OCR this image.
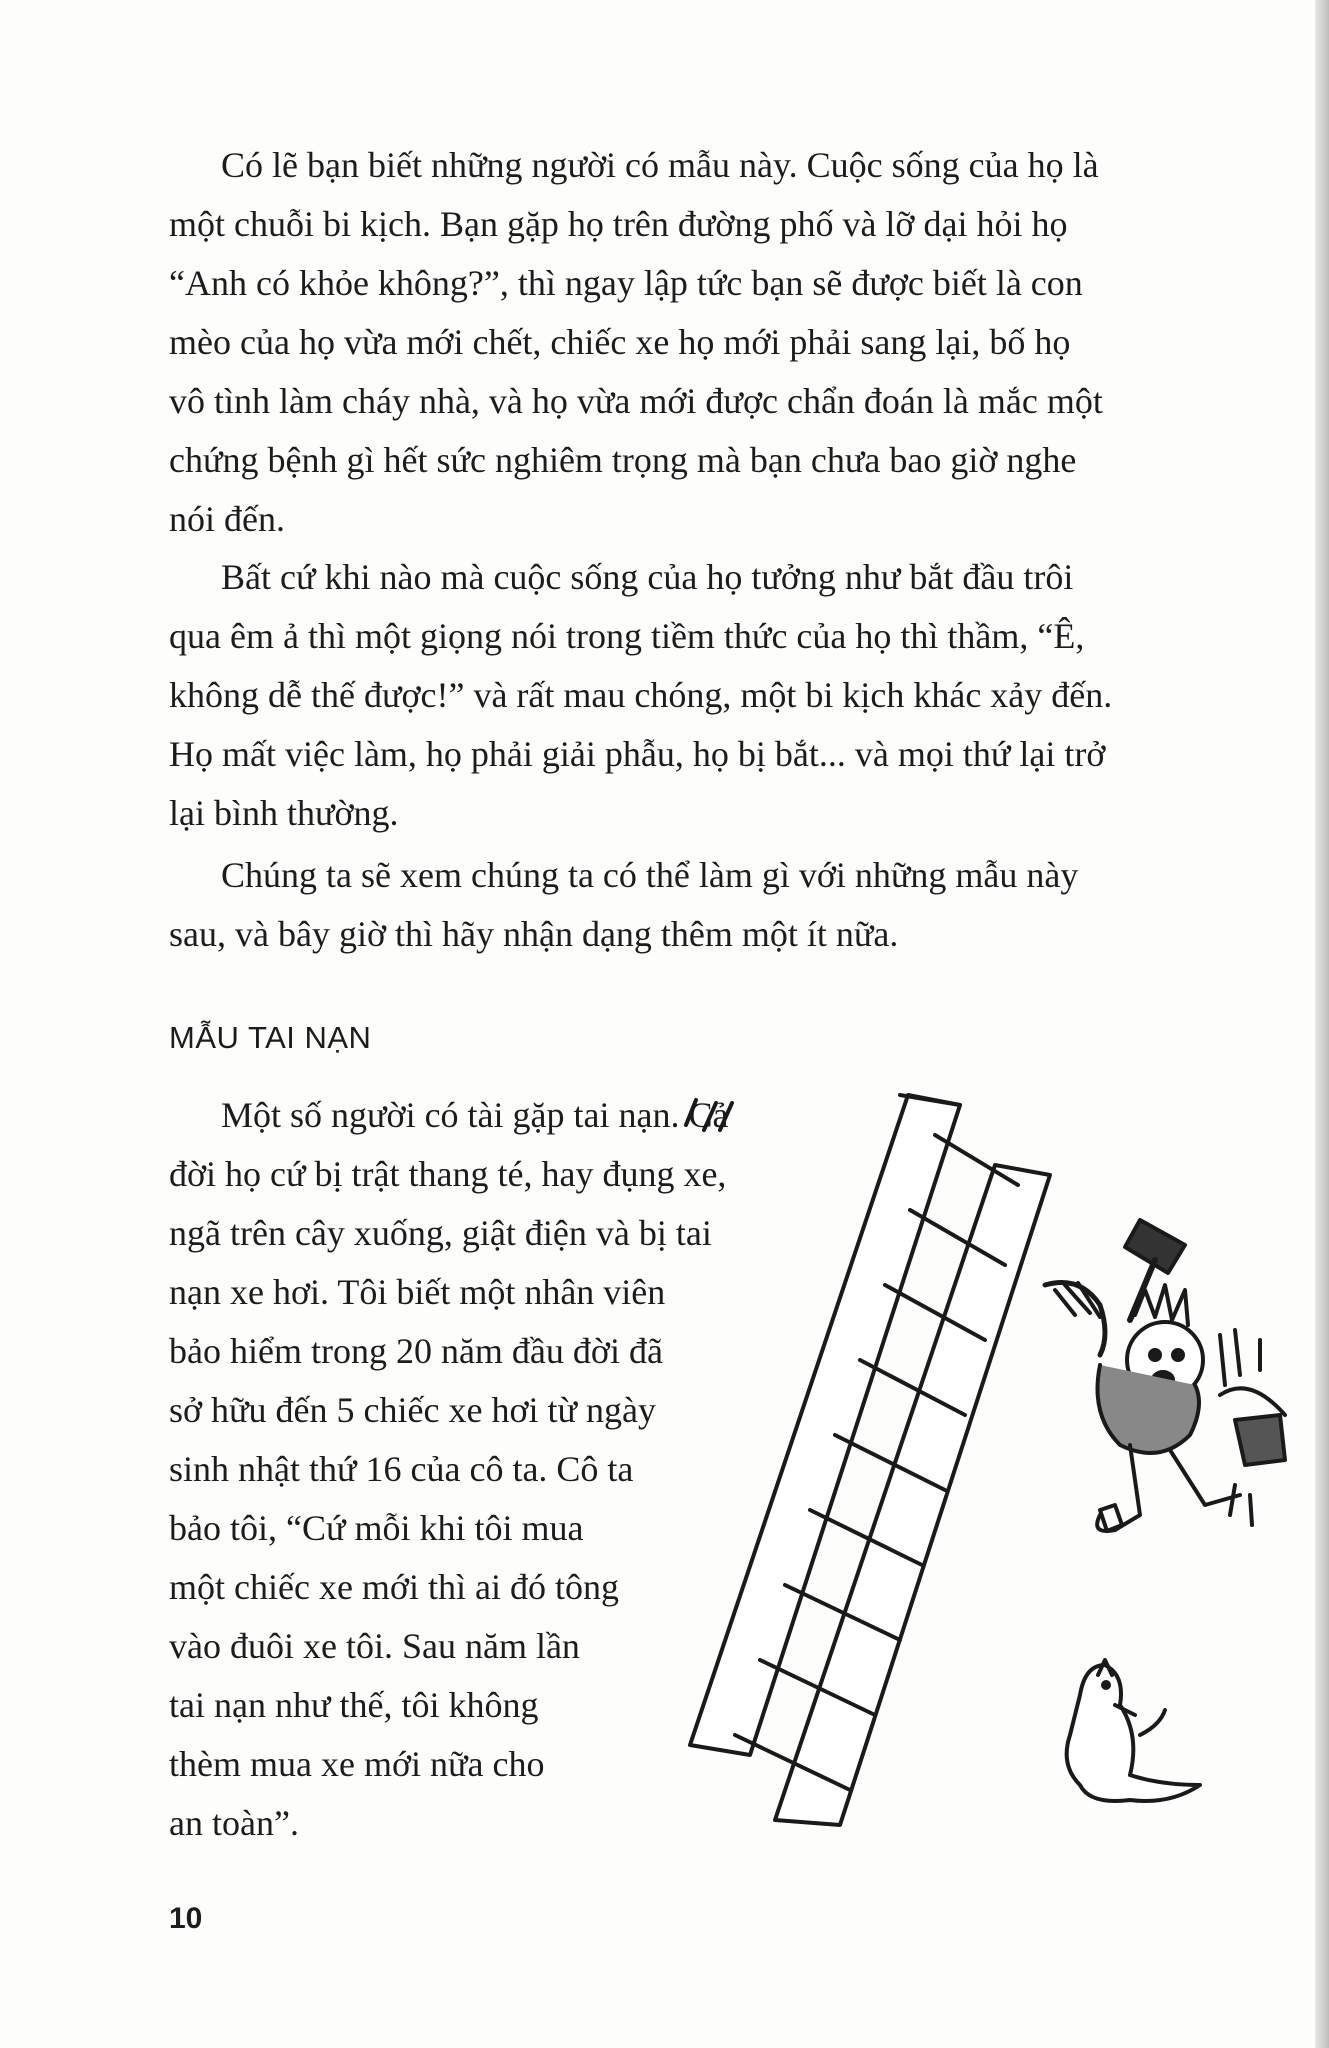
Có lẽ bạn biết những người có mẫu này. Cuộc sống của họ là
một chuỗi bi kịch. Bạn gặp họ trên đường phố và lỡ dại hỏi họ
“Anh có khỏe không?”, thì ngay lập tức bạn sẽ được biết là con
mèo của họ vừa mới chết, chiếc xe họ mới phải sang lại, bố họ
vô tình làm cháy nhà, và họ vừa mới được chẩn đoán là mắc một
chứng bệnh gì hết sức nghiêm trọng mà bạn chưa bao giờ nghe
nói đến.
Bất cứ khi nào mà cuộc sống của họ tưởng như bắt đầu trôi
qua êm ả thì một giọng nói trong tiềm thức của họ thì thầm, “Ê,
không dễ thế được!” và rất mau chóng, một bi kịch khác xảy đến.
Họ mất việc làm, họ phải giải phẫu, họ bị bắt... và mọi thứ lại trở
lại bình thường.
Chúng ta sẽ xem chúng ta có thể làm gì với những mẫu này
sau, và bây giờ thì hãy nhận dạng thêm một ít nữa.
MẪU TAI NẠN
Một số người có tài gặp tai nạn. Cả
đời họ cứ bị trật thang té, hay đụng xe,
ngã trên cây xuống, giật điện và bị tai
nạn xe hơi. Tôi biết một nhân viên
bảo hiểm trong 20 năm đầu đời đã
sở hữu đến 5 chiếc xe hơi từ ngày
sinh nhật thứ 16 của cô ta. Cô ta
bảo tôi, “Cứ mỗi khi tôi mua
một chiếc xe mới thì ai đó tông
vào đuôi xe tôi. Sau năm lần
tai nạn như thế, tôi không
thèm mua xe mới nữa cho
an toàn”.
10
